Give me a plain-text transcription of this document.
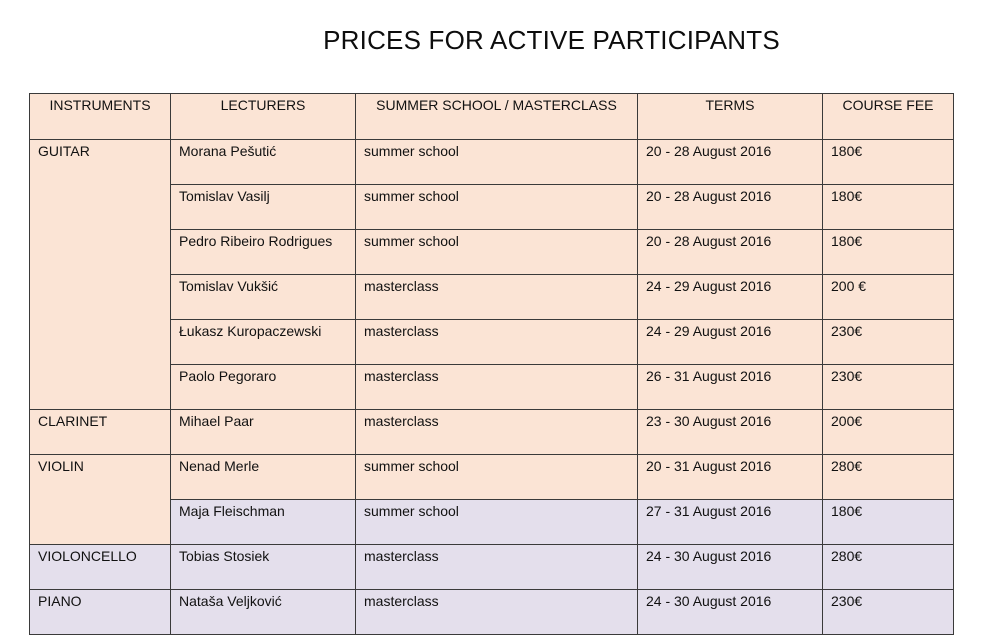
PRICES FOR ACTIVE PARTICIPANTS
INSTRUMENTS	LECTURERS	SUMMER SCHOOL / MASTERCLASS	TERMS	COURSE FEE
GUITAR	Morana Pešutić	summer school	20 - 28 August 2016	180€
	Tomislav Vasilj	summer school	20 - 28 August 2016	180€
	Pedro Ribeiro Rodrigues	summer school	20 - 28 August 2016	180€
	Tomislav Vukšić	masterclass	24 - 29 August 2016	200 €
	Łukasz Kuropaczewski	masterclass	24 - 29 August 2016	230€
	Paolo Pegoraro	masterclass	26 - 31 August 2016	230€
CLARINET	Mihael Paar	masterclass	23 - 30 August 2016	200€
VIOLIN	Nenad Merle	summer school	20 - 31 August 2016	280€
	Maja Fleischman	summer school	27 - 31 August 2016	180€
VIOLONCELLO	Tobias Stosiek	masterclass	24 - 30 August 2016	280€
PIANO	Nataša Veljković	masterclass	24 - 30 August 2016	230€
